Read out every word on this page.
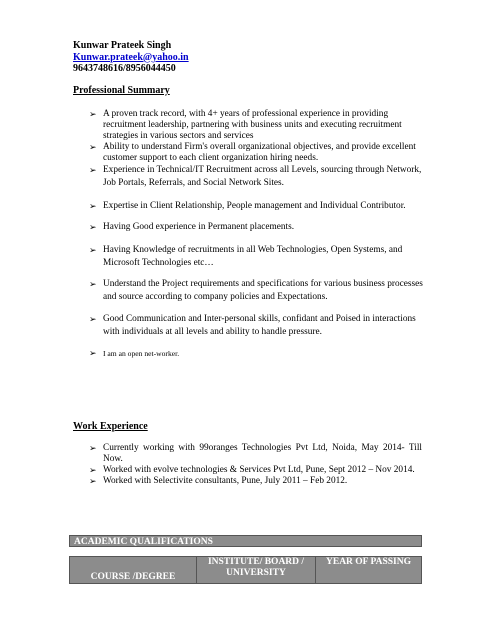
Kunwar Prateek Singh
Kunwar.prateek@yahoo.in
9643748616/8956044450
Professional Summary
➢ A proven track record, with 4+ years of professional experience in providing recruitment leadership, partnering with business units and executing recruitment strategies in various sectors and services
➢ Ability to understand Firm's overall organizational objectives, and provide excellent customer support to each client organization hiring needs.
➢ Experience in Technical/IT Recruitment across all Levels, sourcing through Network, Job Portals, Referrals, and Social Network Sites.
➢ Expertise in Client Relationship, People management and Individual Contributor.
➢ Having Good experience in Permanent placements.
➢ Having Knowledge of recruitments in all Web Technologies, Open Systems, and Microsoft Technologies etc…
➢ Understand the Project requirements and specifications for various business processes and source according to company policies and Expectations.
➢ Good Communication and Inter-personal skills, confidant and Poised in interactions with individuals at all levels and ability to handle pressure.
➢ I am an open net-worker.
Work Experience
➢ Currently working with 99oranges Technologies Pvt Ltd, Noida, May 2014- Till Now.
➢ Worked with evolve technologies & Services Pvt Ltd, Pune, Sept 2012 – Nov 2014.
➢ Worked with Selectivite consultants, Pune, July 2011 – Feb 2012.
ACADEMIC QUALIFICATIONS
COURSE /DEGREE	INSTITUTE/ BOARD / UNIVERSITY	YEAR OF PASSING
